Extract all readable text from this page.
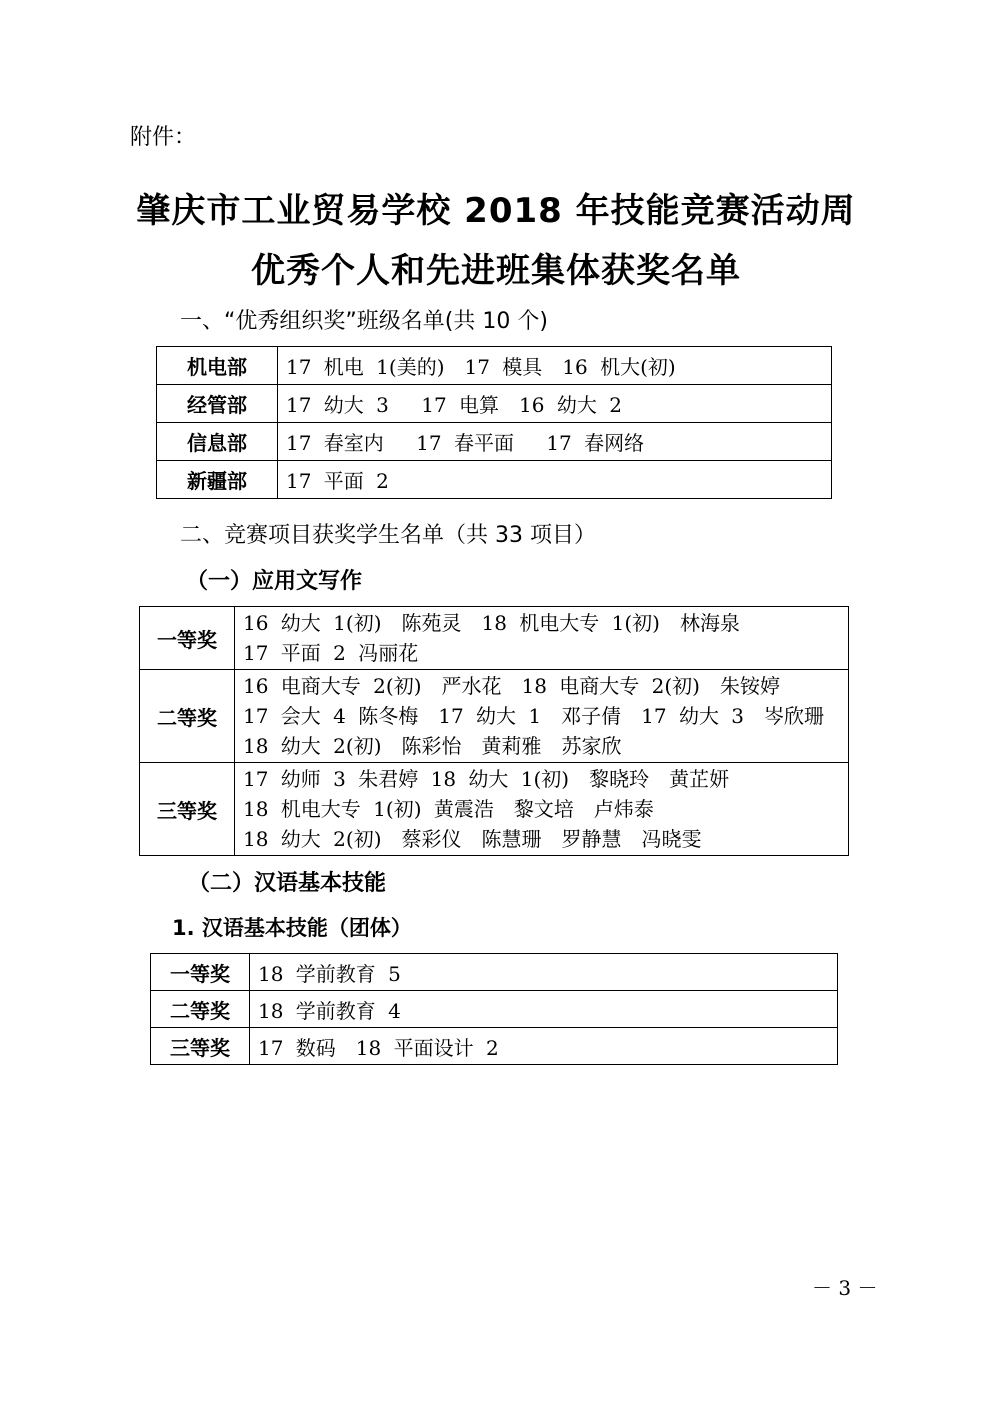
附件：
肇庆市工业贸易学校 2018 年技能竞赛活动周
优秀个人和先进班集体获奖名单
一、“优秀组织奖”班级名单(共 10 个)
机电部	17 机电 1(美的)　17 模具　16 机大(初)
经管部	17 幼大 3　 17 电算　16 幼大 2
信息部	17 春室内　 17 春平面　 17 春网络
新疆部	17 平面 2
二、竞赛项目获奖学生名单（共 33 项目）
（一）应用文写作
一等奖	16 幼大 1(初)　陈苑灵　18 机电大专 1(初)　林海泉
17 平面 2 冯丽花

二等奖	16 电商大专 2(初)　严水花　18 电商大专 2(初)　朱铵婷
17 会大 4 陈冬梅　17 幼大 1　邓子倩　17 幼大 3　岑欣珊
18 幼大 2(初)　陈彩怡　黄莉雅　苏家欣

三等奖	17 幼师 3 朱君婷 18 幼大 1(初)　黎晓玲　黄芷妍
18 机电大专 1(初) 黄震浩　黎文培　卢炜泰
18 幼大 2(初)　蔡彩仪　陈慧珊　罗静慧　冯晓雯
（二）汉语基本技能
1. 汉语基本技能（团体）
一等奖	18 学前教育 5
二等奖	18 学前教育 4
三等奖	17 数码　18 平面设计 2
－ 3 －
